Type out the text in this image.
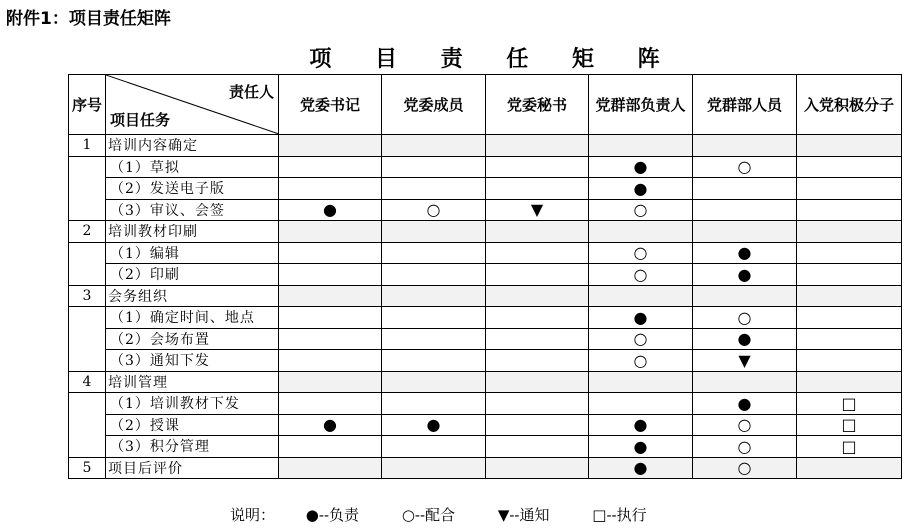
附件1：项目责任矩阵
项 目 责 任 矩 阵
序号	责任人
项目任务	党委书记	党委成员	党委秘书	党群部负责人	党群部人员	入党积极分子
1	培训内容确定						
	（1）草拟				●	○	
	（2）发送电子版				●		
	（3）审议、会签	●	○	▼	○		
2	培训教材印刷						
	（1）编辑				○	●	
	（2）印刷				○	●	
3	会务组织						
	（1）确定时间、地点				●	○	
	（2）会场布置				○	●	
	（3）通知下发				○	▼	
4	培训管理						
	（1）培训教材下发					●	□
	（2）授课	●	●		●	○	□
	（3）积分管理				●	○	□
5	项目后评价				●	○	
说明： ●--负责	○--配合	▼--通知	□--执行
